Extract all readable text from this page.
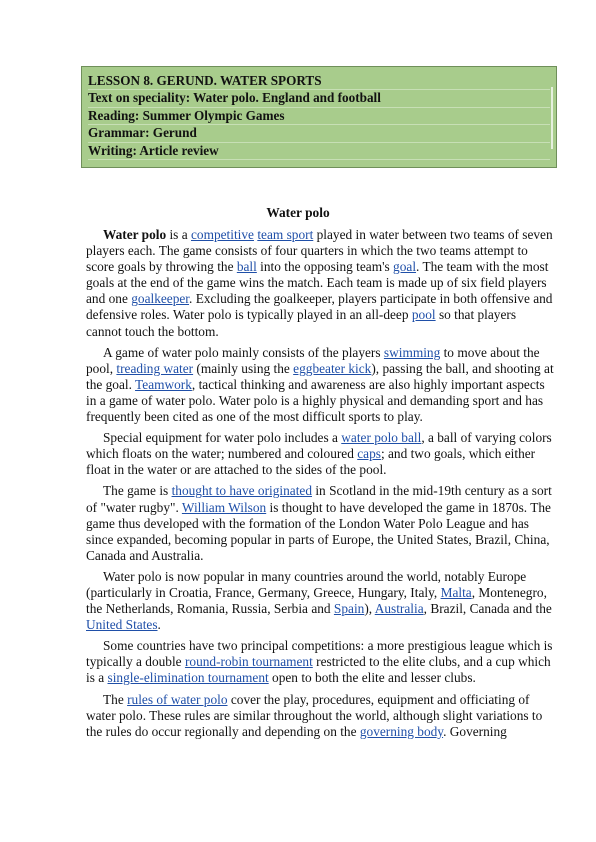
LESSON 8. GERUND. WATER SPORTS
Text on speciality: Water polo. England and football
Reading: Summer Olympic Games
Grammar: Gerund
Writing: Article review
Water polo

Water polo is a competitive team sport played in water between two teams of seven players each. The game consists of four quarters in which the two teams attempt to score goals by throwing the ball into the opposing team's goal. The team with the most goals at the end of the game wins the match. Each team is made up of six field players and one goalkeeper. Excluding the goalkeeper, players participate in both offensive and defensive roles. Water polo is typically played in an all-deep pool so that players cannot touch the bottom.

A game of water polo mainly consists of the players swimming to move about the pool, treading water (mainly using the eggbeater kick), passing the ball, and shooting at the goal. Teamwork, tactical thinking and awareness are also highly important aspects in a game of water polo. Water polo is a highly physical and demanding sport and has frequently been cited as one of the most difficult sports to play.

Special equipment for water polo includes a water polo ball, a ball of varying colors which floats on the water; numbered and coloured caps; and two goals, which either float in the water or are attached to the sides of the pool.

The game is thought to have originated in Scotland in the mid-19th century as a sort of "water rugby". William Wilson is thought to have developed the game in 1870s. The game thus developed with the formation of the London Water Polo League and has since expanded, becoming popular in parts of Europe, the United States, Brazil, China, Canada and Australia.

Water polo is now popular in many countries around the world, notably Europe (particularly in Croatia, France, Germany, Greece, Hungary, Italy, Malta, Montenegro, the Netherlands, Romania, Russia, Serbia and Spain), Australia, Brazil, Canada and the United States.

Some countries have two principal competitions: a more prestigious league which is typically a double round-robin tournament restricted to the elite clubs, and a cup which is a single-elimination tournament open to both the elite and lesser clubs.

The rules of water polo cover the play, procedures, equipment and officiating of water polo. These rules are similar throughout the world, although slight variations to the rules do occur regionally and depending on the governing body. Governing
